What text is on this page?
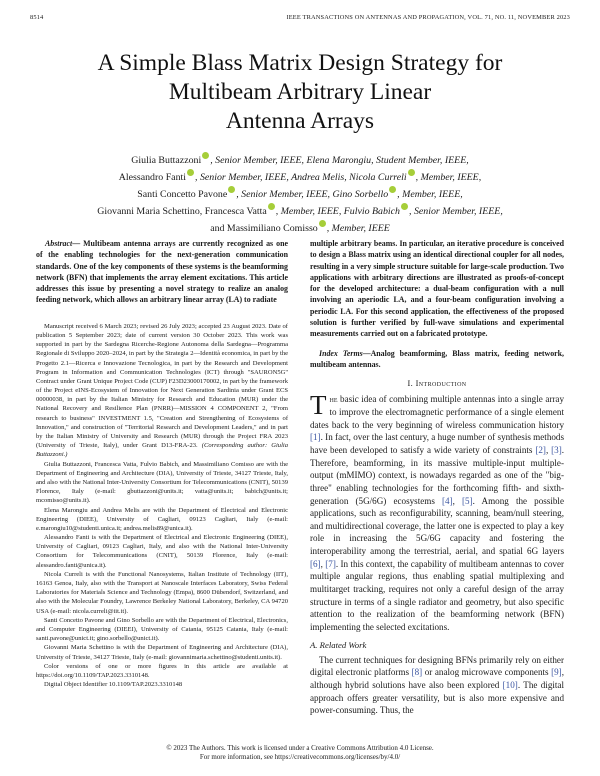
8514	IEEE TRANSACTIONS ON ANTENNAS AND PROPAGATION, VOL. 71, NO. 11, NOVEMBER 2023
A Simple Blass Matrix Design Strategy for
Multibeam Arbitrary Linear
Antenna Arrays
Giulia Buttazzoni , Senior Member, IEEE, Elena Marongiu, Student Member, IEEE,
Alessandro Fanti , Senior Member, IEEE, Andrea Melis, Nicola Curreli , Member, IEEE,
Santi Concetto Pavone , Senior Member, IEEE, Gino Sorbello , Member, IEEE,
Giovanni Maria Schettino, Francesca Vatta , Member, IEEE, Fulvio Babich , Senior Member, IEEE,
and Massimiliano Comisso , Member, IEEE

Abstract— Multibeam antenna arrays are currently recognized as one of the enabling technologies for the next-generation communication standards. One of the key components of these systems is the beamforming network (BFN) that implements the array element excitations. This article addresses this issue by presenting a novel strategy to realize an analog feeding network, which allows an arbitrary linear array (LA) to radiate

Manuscript received 6 March 2023; revised 26 July 2023; accepted 23 August 2023. Date of publication 5 September 2023; date of current version 30 October 2023. This work was supported in part by the Sardegna Ricerche-Regione Autonoma della Sardegna—Programma Regionale di Sviluppo 2020–2024, in part by the Strategia 2—Identità economica, in part by the Progetto 2.1—Ricerca e Innovazione Tecnologica, in part by the Research and Development Program in Information and Communication Technologies (ICT) through "SAURON5G" Contract under Grant Unique Project Code (CUP) F23D23000170002, in part by the framework of the Project eINS-Ecosystem of Innovation for Next Generation Sardinia under Grant ECS 00000038, in part by the Italian Ministry for Research and Education (MUR) under the National Recovery and Resilience Plan (PNRR)—MISSION 4 COMPONENT 2, "From research to business" INVESTMENT 1.5, "Creation and Strengthening of Ecosystems of Innovation," and construction of "Territorial Research and Development Leaders," and in part by the Italian Ministry of University and Research (MUR) through the Project FRA 2023 (University of Trieste, Italy), under Grant D13-FRA-23. (Corresponding author: Giulia Buttazzoni.)

Giulia Buttazzoni, Francesca Vatta, Fulvio Babich, and Massimiliano Comisso are with the Department of Engineering and Architecture (DIA), University of Trieste, 34127 Trieste, Italy, and also with the National Inter-University Consortium for Telecommunications (CNIT), 50139 Florence, Italy (e-mail: gbuttazzoni@units.it; vatta@units.it; babich@units.it; mcomisso@units.it).

Elena Marongiu and Andrea Melis are with the Department of Electrical and Electronic Engineering (DIEE), University of Cagliari, 09123 Cagliari, Italy (e-mail: e.marongiu10@studenti.unica.it; andrea.melis89@unica.it).

Alessandro Fanti is with the Department of Electrical and Electronic Engineering (DIEE), University of Cagliari, 09123 Cagliari, Italy, and also with the National Inter-University Consortium for Telecommunications (CNIT), 50139 Florence, Italy (e-mail: alessandro.fanti@unica.it).

Nicola Curreli is with the Functional Nanosystems, Italian Institute of Technology (IIT), 16163 Genoa, Italy, also with the Transport at Nanoscale Interfaces Laboratory, Swiss Federal Laboratories for Materials Science and Technology (Empa), 8600 Dübendorf, Switzerland, and also with the Molecular Foundry, Lawrence Berkeley National Laboratory, Berkeley, CA 94720 USA (e-mail: nicola.curreli@iit.it).

Santi Concetto Pavone and Gino Sorbello are with the Department of Electrical, Electronics, and Computer Engineering (DIEEI), University of Catania, 95125 Catania, Italy (e-mail: santi.pavone@unict.it; gino.sorbello@unict.it).

Giovanni Maria Schettino is with the Department of Engineering and Architecture (DIA), University of Trieste, 34127 Trieste, Italy (e-mail: giovannimaria.schettino@studenti.units.it).

Color versions of one or more figures in this article are available at https://doi.org/10.1109/TAP.2023.3310148.

Digital Object Identifier 10.1109/TAP.2023.3310148

multiple arbitrary beams. In particular, an iterative procedure is conceived to design a Blass matrix using an identical directional coupler for all nodes, resulting in a very simple structure suitable for large-scale production. Two applications with arbitrary directions are illustrated as proofs-of-concept for the developed architecture: a dual-beam configuration with a null involving an aperiodic LA, and a four-beam configuration involving a periodic LA. For this second application, the effectiveness of the proposed solution is further verified by full-wave simulations and experimental measurements carried out on a fabricated prototype.

Index Terms—Analog beamforming, Blass matrix, feeding network, multibeam antennas.

I. Introduction

The basic idea of combining multiple antennas into a single array to improve the electromagnetic performance of a single element dates back to the very beginning of wireless communication history [1]. In fact, over the last century, a huge number of synthesis methods have been developed to satisfy a wide variety of constraints [2], [3]. Therefore, beamforming, in its massive multiple-input multiple-output (mMIMO) context, is nowadays regarded as one of the "big-three" enabling technologies for the forthcoming fifth- and sixth-generation (5G/6G) ecosystems [4], [5]. Among the possible applications, such as reconfigurability, scanning, beam/null steering, and multidirectional coverage, the latter one is expected to play a key role in increasing the 5G/6G capacity and fostering the interoperability among the terrestrial, aerial, and spatial 6G layers [6], [7]. In this context, the capability of multibeam antennas to cover multiple angular regions, thus enabling spatial multiplexing and multitarget tracking, requires not only a careful design of the array structure in terms of a single radiator and geometry, but also specific attention to the realization of the beamforming network (BFN) implementing the selected excitations.

A. Related Work

The current techniques for designing BFNs primarily rely on either digital electronic platforms [8] or analog microwave components [9], although hybrid solutions have also been explored [10]. The digital approach offers greater versatility, but is also more expensive and power-consuming. Thus, the

© 2023 The Authors. This work is licensed under a Creative Commons Attribution 4.0 License.
For more information, see https://creativecommons.org/licenses/by/4.0/
